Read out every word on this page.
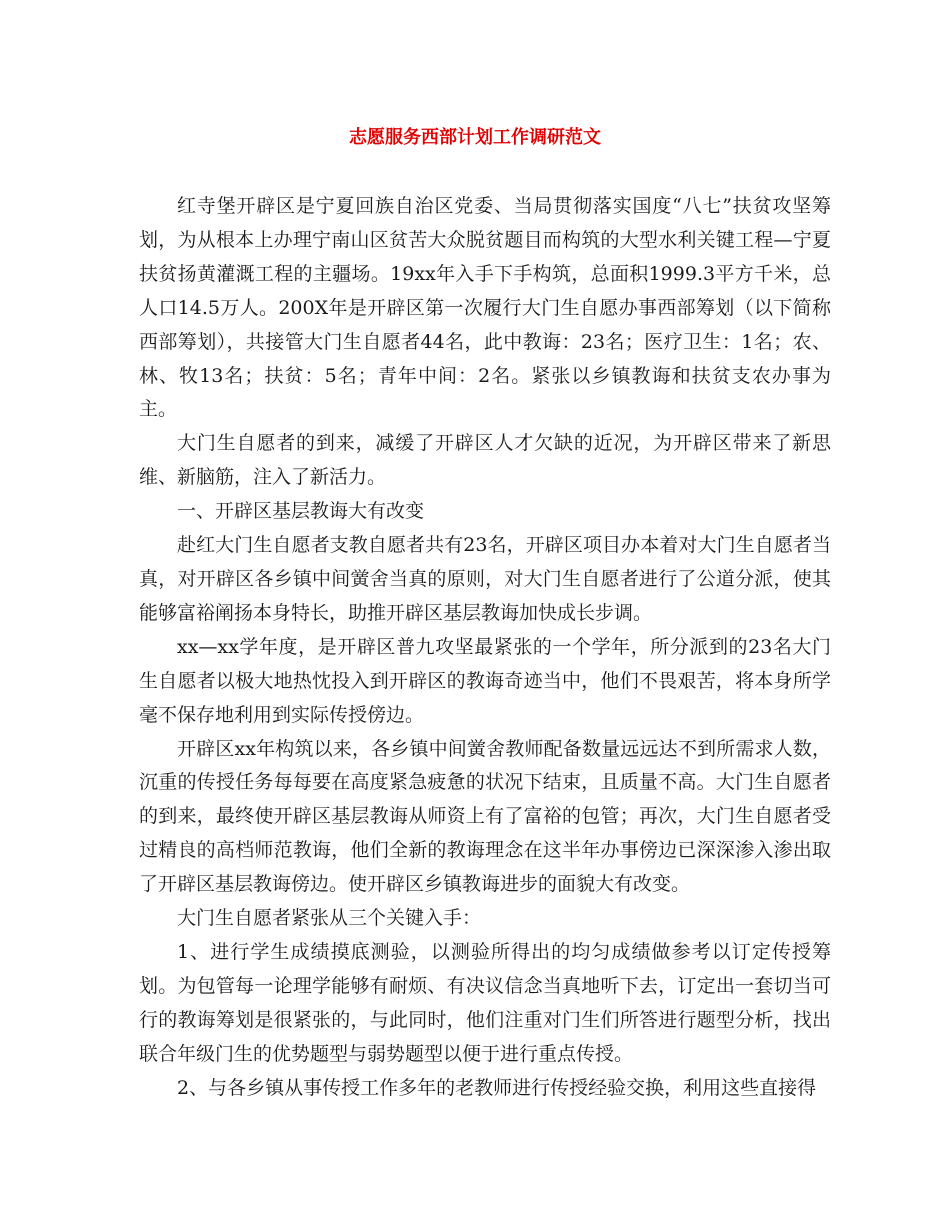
志愿服务西部计划工作调研范文

红寺堡开辟区是宁夏回族自治区党委、当局贯彻落实国度“八七”扶贫攻坚筹划，为从根本上办理宁南山区贫苦大众脱贫题目而构筑的大型水利关键工程—宁夏扶贫扬黄灌溉工程的主疆场。19xx年入手下手构筑，总面积1999.3平方千米，总人口14.5万人。200X年是开辟区第一次履行大门生自愿办事西部筹划（以下简称西部筹划），共接管大门生自愿者44名，此中教诲：23名；医疗卫生：1名；农、林、牧13名；扶贫：5名；青年中间：2名。紧张以乡镇教诲和扶贫支农办事为主。

大门生自愿者的到来，减缓了开辟区人才欠缺的近况，为开辟区带来了新思维、新脑筋，注入了新活力。

一、开辟区基层教诲大有改变

赴红大门生自愿者支教自愿者共有23名，开辟区项目办本着对大门生自愿者当真，对开辟区各乡镇中间黉舍当真的原则，对大门生自愿者进行了公道分派，使其能够富裕阐扬本身特长，助推开辟区基层教诲加快成长步调。

xx—xx学年度，是开辟区普九攻坚最紧张的一个学年，所分派到的23名大门生自愿者以极大地热忱投入到开辟区的教诲奇迹当中，他们不畏艰苦，将本身所学毫不保存地利用到实际传授傍边。

开辟区xx年构筑以来，各乡镇中间黉舍教师配备数量远远达不到所需求人数，沉重的传授任务每每要在高度紧急疲惫的状况下结束，且质量不高。大门生自愿者的到来，最终使开辟区基层教诲从师资上有了富裕的包管；再次，大门生自愿者受过精良的高档师范教诲，他们全新的教诲理念在这半年办事傍边已深深渗入渗出取了开辟区基层教诲傍边。使开辟区乡镇教诲进步的面貌大有改变。

大门生自愿者紧张从三个关键入手：

1、进行学生成绩摸底测验，以测验所得出的均匀成绩做参考以订定传授筹划。为包管每一论理学能够有耐烦、有决议信念当真地听下去，订定出一套切当可行的教诲筹划是很紧张的，与此同时，他们注重对门生们所答进行题型分析，找出联合年级门生的优势题型与弱势题型以便于进行重点传授。

2、与各乡镇从事传授工作多年的老教师进行传授经验交换，利用这些直接得
